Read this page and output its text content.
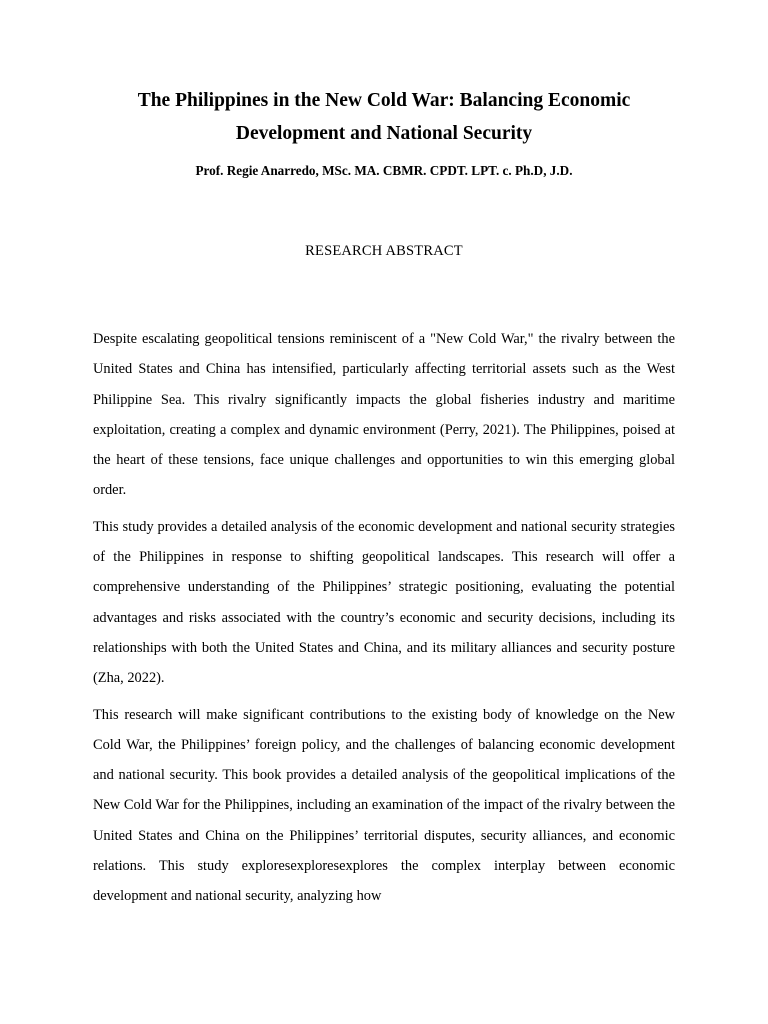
The Philippines in the New Cold War: Balancing Economic
Development and National Security
Prof. Regie Anarredo, MSc. MA. CBMR. CPDT. LPT. c. Ph.D, J.D.
RESEARCH ABSTRACT

Despite escalating geopolitical tensions reminiscent of a "New Cold War," the rivalry between the United States and China has intensified, particularly affecting territorial assets such as the West Philippine Sea. This rivalry significantly impacts the global fisheries industry and maritime exploitation, creating a complex and dynamic environment (Perry, 2021). The Philippines, poised at the heart of these tensions, face unique challenges and opportunities to win this emerging global order.

This study provides a detailed analysis of the economic development and national security strategies of the Philippines in response to shifting geopolitical landscapes. This research will offer a comprehensive understanding of the Philippines’ strategic positioning, evaluating the potential advantages and risks associated with the country’s economic and security decisions, including its relationships with both the United States and China, and its military alliances and security posture (Zha, 2022).

This research will make significant contributions to the existing body of knowledge on the New Cold War, the Philippines’ foreign policy, and the challenges of balancing economic development and national security. This book provides a detailed analysis of the geopolitical implications of the New Cold War for the Philippines, including an examination of the impact of the rivalry between the United States and China on the Philippines’ territorial disputes, security alliances, and economic relations. This study exploresexploresexplores the complex interplay between economic development and national security, analyzing how
